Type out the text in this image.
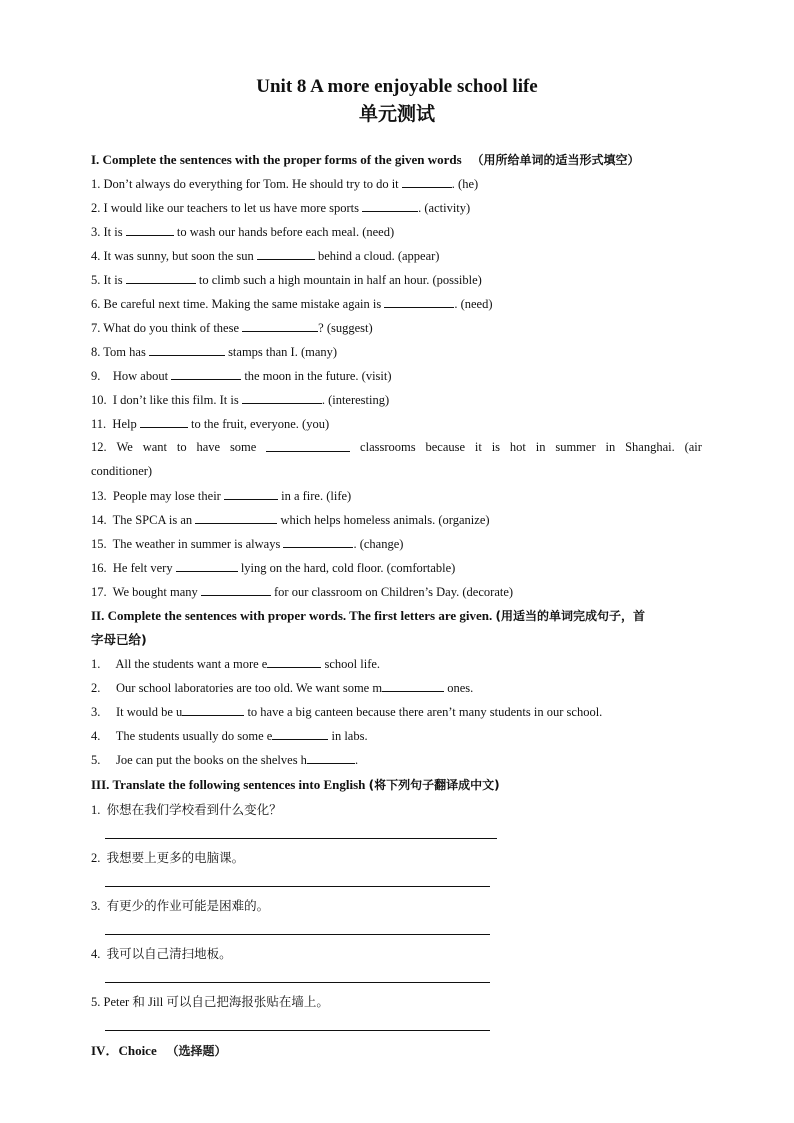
Unit 8 A more enjoyable school life
单元测试
I. Complete the sentences with the proper forms of the given words （用所给单词的适当形式填空）
1. Don’t always do everything for Tom. He should try to do it	. (he)
2. I would like our teachers to let us have more sports	. (activity)
3. It is	to wash our hands before each meal. (need)
4. It was sunny, but soon the sun	behind a cloud. (appear)
5. It is	to climb such a high mountain in half an hour. (possible)
6. Be careful next time. Making the same mistake again is	. (need)
7. What do you think of these	? (suggest)
8. Tom has	stamps than I. (many)
9. How about	the moon in the future. (visit)
10. I don’t like this film. It is	. (interesting)
11. Help	to the fruit, everyone. (you)
12. We want to have some	classrooms because it is hot in summer in Shanghai. (air
conditioner)
13. People may lose their	in a fire. (life)
14. The SPCA is an	which helps homeless animals. (organize)
15. The weather in summer is always	. (change)
16. He felt very	lying on the hard, cold floor. (comfortable)
17. We bought many	for our classroom on Children’s Day. (decorate)
II. Complete the sentences with proper words. The first letters are given. (用适当的单词完成句子，首
字母已给)
1. All the students want a more e	school life.
2. Our school laboratories are too old. We want some m	ones.
3. It would be u	to have a big canteen because there aren’t many students in our school.
4. The students usually do some e	in labs.
5. Joe can put the books on the shelves h	.
III. Translate the following sentences into English (将下列句子翻译成中文)
1. 你想在我们学校看到什么变化？
2. 我想要上更多的电脑课。
3. 有更少的作业可能是困难的。
4. 我可以自己清扫地板。
5. Peter 和 Jill 可以自己把海报张贴在墙上。
IV．Choice （选择题）
